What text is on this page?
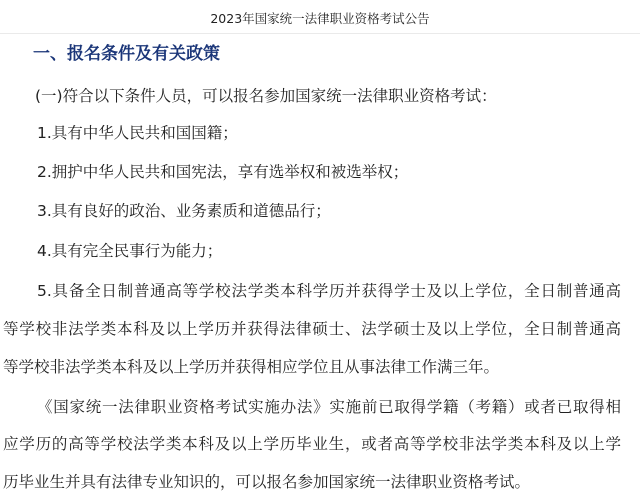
2023年国家统一法律职业资格考试公告
一、报名条件及有关政策
(一)符合以下条件人员，可以报名参加国家统一法律职业资格考试：
1.具有中华人民共和国国籍；
2.拥护中华人民共和国宪法，享有选举权和被选举权；
3.具有良好的政治、业务素质和道德品行；
4.具有完全民事行为能力；
5.具备全日制普通高等学校法学类本科学历并获得学士及以上学位，全日制普通高
等学校非法学类本科及以上学历并获得法律硕士、法学硕士及以上学位，全日制普通高
等学校非法学类本科及以上学历并获得相应学位且从事法律工作满三年。
《国家统一法律职业资格考试实施办法》实施前已取得学籍（考籍）或者已取得相
应学历的高等学校法学类本科及以上学历毕业生，或者高等学校非法学类本科及以上学
历毕业生并具有法律专业知识的，可以报名参加国家统一法律职业资格考试。
